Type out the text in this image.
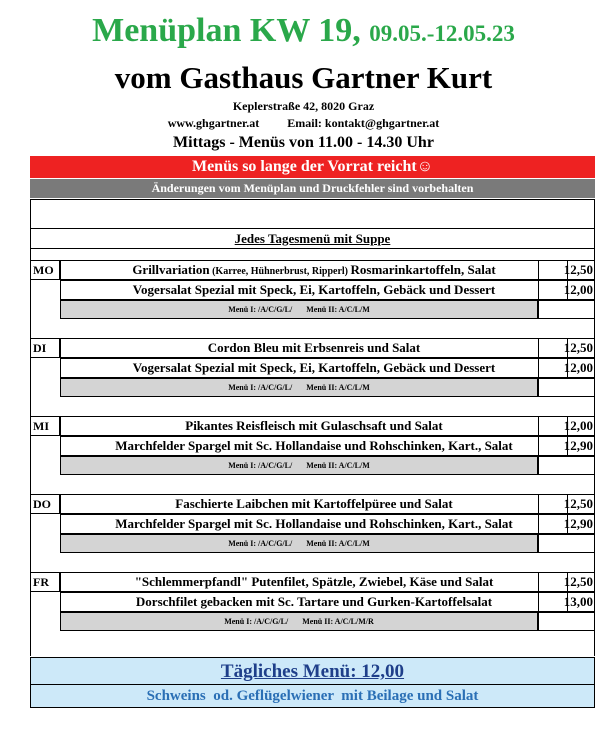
Menüplan KW 19, 09.05.-12.05.23
vom Gasthaus Gartner Kurt
Keplerstraße 42, 8020 Graz
www.ghgartner.at Email: kontakt@ghgartner.at
Mittags - Menüs von 11.00 - 14.30 Uhr
Menüs so lange der Vorrat reicht☺
Änderungen vom Menüplan und Druckfehler sind vorbehalten
Jedes Tagesmenü mit Suppe
MO	Grillvariation (Karree, Hühnerbrust, Ripperl) Rosmarinkartoffeln, Salat	12,50
Vogersalat Spezial mit Speck, Ei, Kartoffeln, Gebäck und Dessert	12,00
Menü I: /A/C/G/L/ Menü II: A/C/L/M
DI	Cordon Bleu mit Erbsenreis und Salat	12,50
Vogersalat Spezial mit Speck, Ei, Kartoffeln, Gebäck und Dessert	12,00
Menü I: /A/C/G/L/ Menü II: A/C/L/M
MI	Pikantes Reisfleisch mit Gulaschsaft und Salat	12,00
Marchfelder Spargel mit Sc. Hollandaise und Rohschinken, Kart., Salat	12,90
Menü I: /A/C/G/L/ Menü II: A/C/L/M
DO	Faschierte Laibchen mit Kartoffelpüree und Salat	12,50
Marchfelder Spargel mit Sc. Hollandaise und Rohschinken, Kart., Salat	12,90
Menü I: /A/C/G/L/ Menü II: A/C/L/M
FR	"Schlemmerpfandl" Putenfilet, Spätzle, Zwiebel, Käse und Salat	12,50
Dorschfilet gebacken mit Sc. Tartare und Gurken-Kartoffelsalat	13,00
Menü I: /A/C/G/L/ Menü II: A/C/L/M/R
Tägliches Menü: 12,00
Schweins  od. Geflügelwiener  mit Beilage und Salat
